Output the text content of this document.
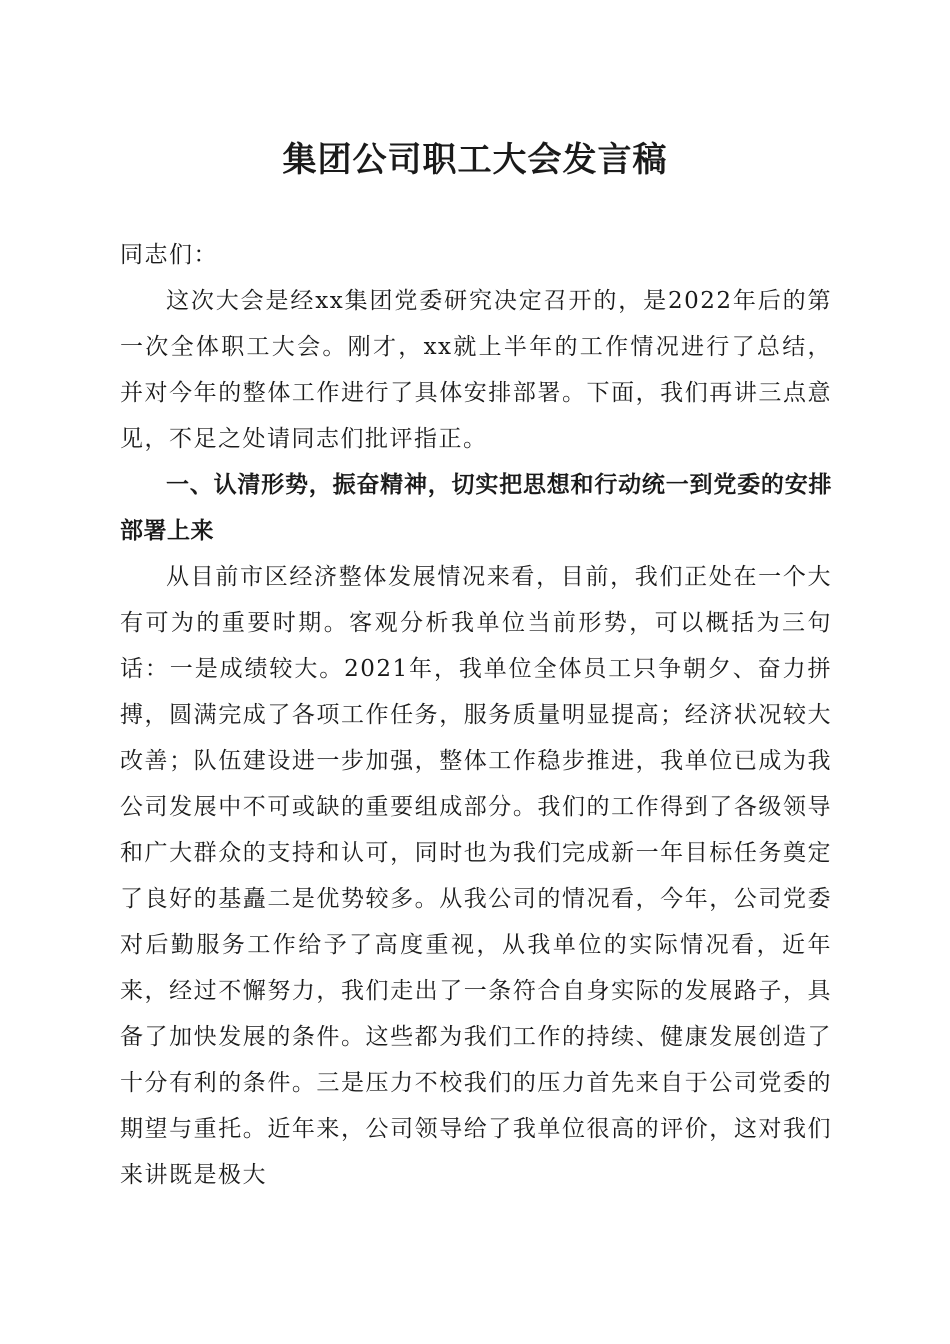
集团公司职工大会发言稿

同志们：

这次大会是经xx集团党委研究决定召开的，是2022年后的第一次全体职工大会。刚才，xx就上半年的工作情况进行了总结，并对今年的整体工作进行了具体安排部署。下面，我们再讲三点意见，不足之处请同志们批评指正。

一、认清形势，振奋精神，切实把思想和行动统一到党委的安排部署上来

从目前市区经济整体发展情况来看，目前，我们正处在一个大有可为的重要时期。客观分析我单位当前形势，可以概括为三句话：一是成绩较大。2021年，我单位全体员工只争朝夕、奋力拼搏，圆满完成了各项工作任务，服务质量明显提高；经济状况较大改善；队伍建设进一步加强，整体工作稳步推进，我单位已成为我公司发展中不可或缺的重要组成部分。我们的工作得到了各级领导和广大群众的支持和认可，同时也为我们完成新一年目标任务奠定了良好的基矗二是优势较多。从我公司的情况看，今年，公司党委对后勤服务工作给予了高度重视，从我单位的实际情况看，近年来，经过不懈努力，我们走出了一条符合自身实际的发展路子，具备了加快发展的条件。这些都为我们工作的持续、健康发展创造了十分有利的条件。三是压力不校我们的压力首先来自于公司党委的期望与重托。近年来，公司领导给了我单位很高的评价，这对我们来讲既是极大
